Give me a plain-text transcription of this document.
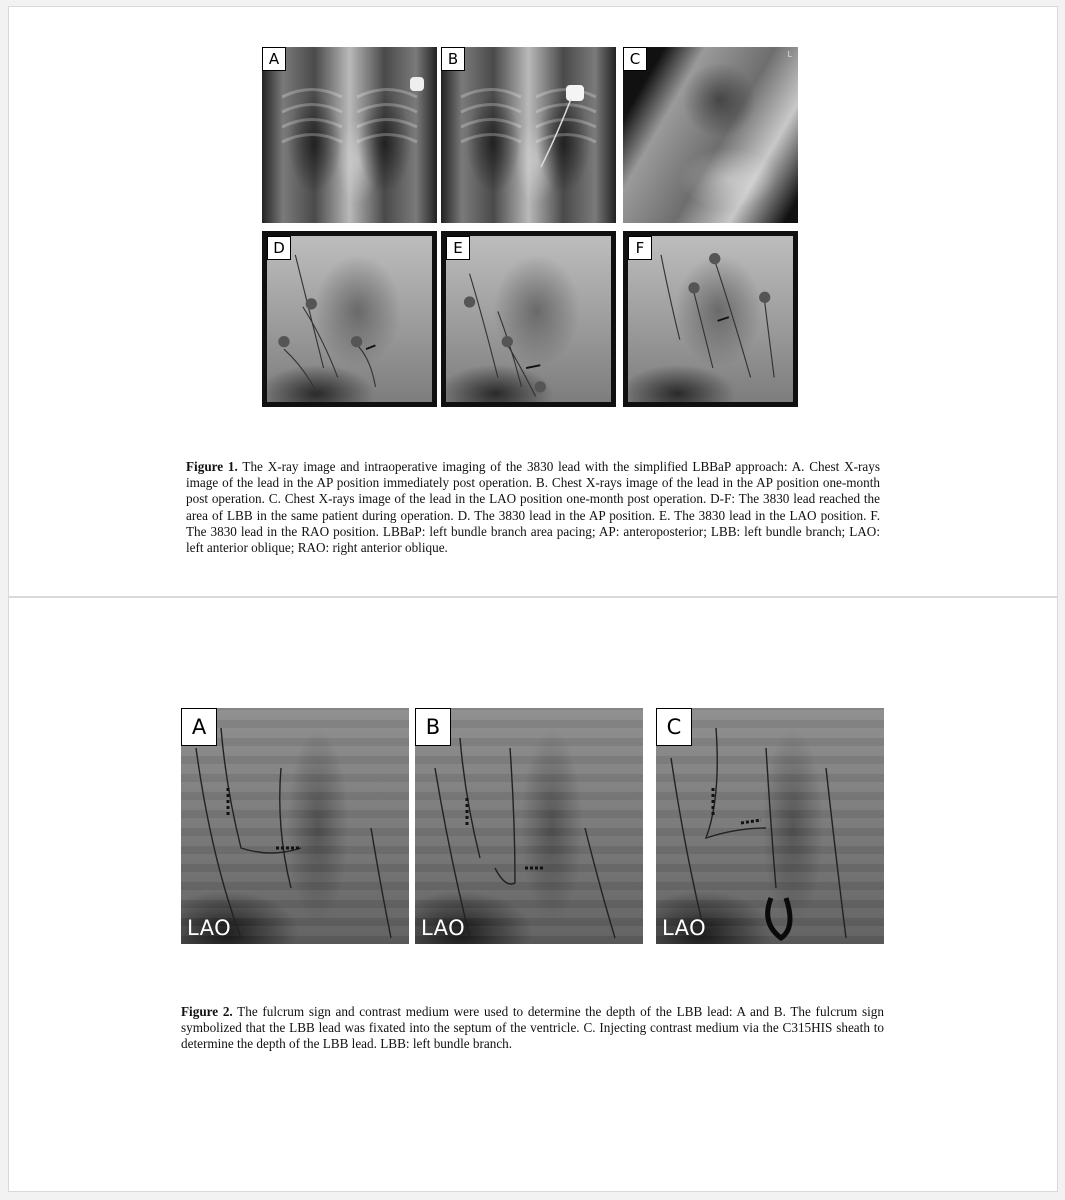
A	B	C	L
D	E	F
Figure 1. The X-ray image and intraoperative imaging of the 3830 lead with the simplified LBBaP approach: A. Chest X-rays image of the lead in the AP position immediately post operation. B. Chest X-rays image of the lead in the AP position one-month post operation. C. Chest X-rays image of the lead in the LAO position one-month post operation. D-F: The 3830 lead reached the area of LBB in the same patient during operation. D. The 3830 lead in the AP position. E. The 3830 lead in the LAO position. F. The 3830 lead in the RAO position. LBBaP: left bundle branch area pacing; AP: anteroposterior; LBB: left bundle branch; LAO: left anterior oblique; RAO: right anterior oblique.
A
LAO
B
LAO
C
LAO
Figure 2. The fulcrum sign and contrast medium were used to determine the depth of the LBB lead: A and B. The fulcrum sign symbolized that the LBB lead was fixated into the septum of the ventricle. C. Injecting contrast medium via the C315HIS sheath to determine the depth of the LBB lead. LBB: left bundle branch.
